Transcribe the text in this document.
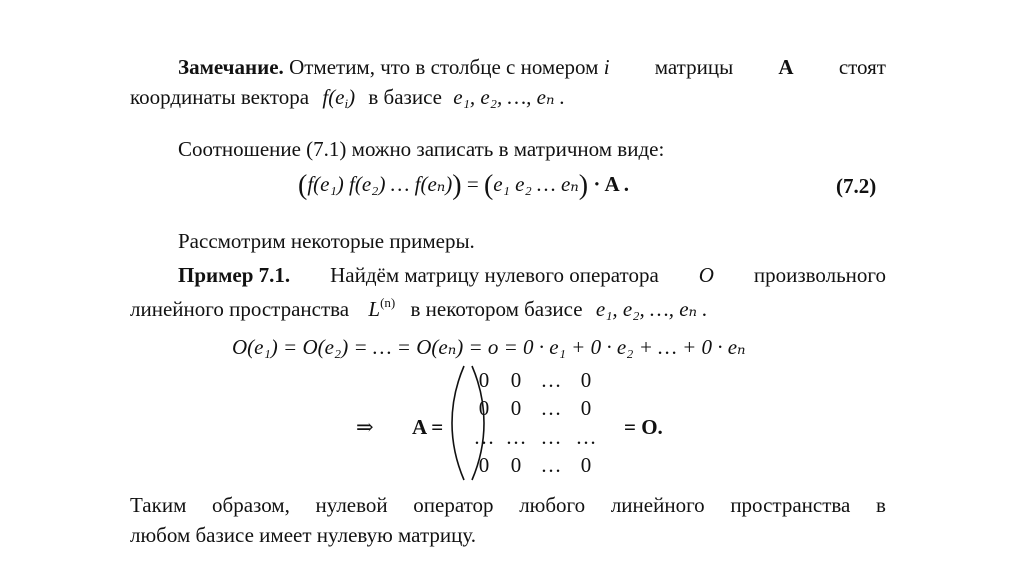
Замечание. Отметим, что в столбце с номером i матрицы A стоят
координаты вектора $f(e_i)$ в базисе e₁, e₂, …, eₙ .
Соотношение (7.1) можно записать в матричном виде:
(f(e₁) f(e₂) … f(eₙ)) = (e₁ e₂ … eₙ) · A .	(7.2)
Рассмотрим некоторые примеры.
Пример 7.1. Найдём матрицу нулевого оператора O произвольного
линейного пространства $L^{(n)}$ в некотором базисе e₁, e₂, …, eₙ .
O(e₁) = O(e₂) = … = O(eₙ) = o = 0 · e₁ + 0 · e₂ + … + 0 · eₙ
⇒ A =

0 0 … 0
0 0 … 0
… … … …
0 0 … 0
= O.
Таким образом, нулевой оператор любого линейного пространства в
любом базисе имеет нулевую матрицу.
